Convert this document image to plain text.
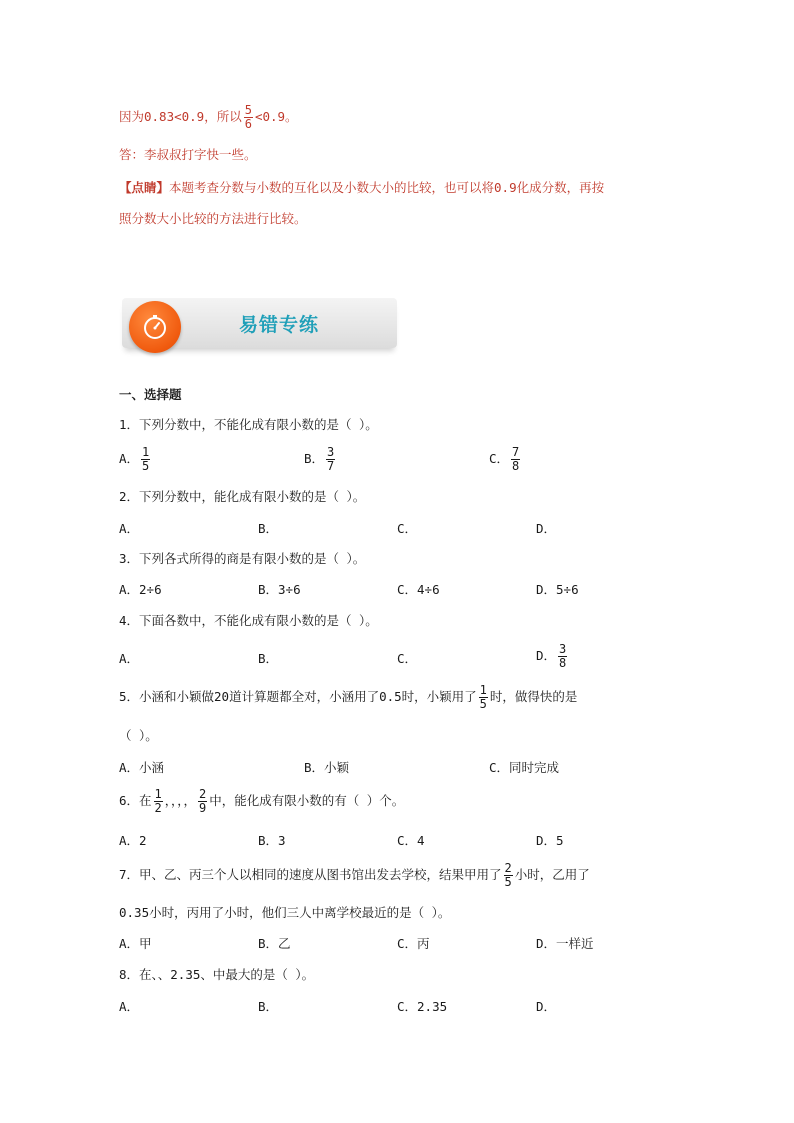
因为0.83<0.9，所以 $\frac{5}{6} <0.9$。
答：李叔叔打字快一些。
【点睛】本题考查分数与小数的互化以及小数大小的比较，也可以将0.9化成分数，再按
照分数大小比较的方法进行比较。
易错专练
一、选择题
1．下列分数中，不能化成有限小数的是（ ）。
A． $\frac{1}{5}$	B． $\frac{3}{7}$	C． $\frac{7}{8}$
2．下列分数中，能化成有限小数的是（ ）。
A．	B．	C．	D．
3．下列各式所得的商是有限小数的是（ ）。
A．2÷6	B．3÷6	C．4÷6	D．5÷6
4．下面各数中，不能化成有限小数的是（ ）。
A．	B．	C．	D． $\frac{3}{8}$
5．小涵和小颖做20道计算题都全对，小涵用了0.5时，小颖用了 $\frac{1}{5}$ 时，做得快的是
（ ）。
A．小涵	B．小颖	C．同时完成
6．在 $\frac{1}{2}$ ，，，， $\frac{2}{9}$ 中，能化成有限小数的有（ ）个。
A．2	B．3	C．4	D．5
7．甲、乙、丙三个人以相同的速度从图书馆出发去学校，结果甲用了 $\frac{2}{5}$ 小时，乙用了
0.35小时，丙用了小时，他们三人中离学校最近的是（ ）。
A．甲	B．乙	C．丙	D．一样近
8．在、、2.35、中最大的是（ ）。
A．	B．	C．2.35	D．
